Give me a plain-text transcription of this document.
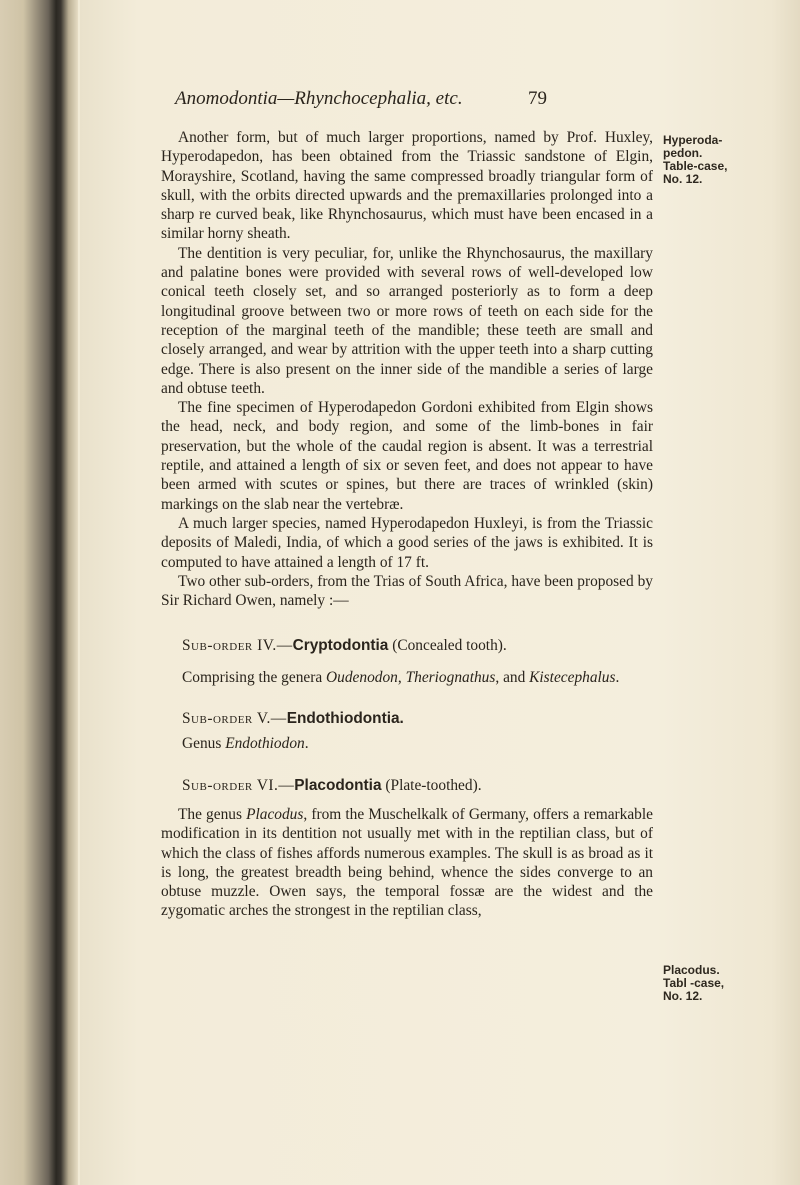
Anomodontia—Rhynchocephalia, etc.	79
Hyperoda-
pedon.
Table-case,
No. 12.
Placodus.
Tabl -case,
No. 12.

Another form, but of much larger proportions, named by Prof. Huxley, Hyperodapedon, has been obtained from the Triassic sandstone of Elgin, Morayshire, Scotland, having the same compressed broadly triangular form of skull, with the orbits directed upwards and the premaxillaries prolonged into a sharp re curved beak, like Rhynchosaurus, which must have been encased in a similar horny sheath.

The dentition is very peculiar, for, unlike the Rhynchosaurus, the maxillary and palatine bones were provided with several rows of well-developed low conical teeth closely set, and so arranged posteriorly as to form a deep longitudinal groove between two or more rows of teeth on each side for the reception of the marginal teeth of the mandible; these teeth are small and closely arranged, and wear by attrition with the upper teeth into a sharp cutting edge. There is also present on the inner side of the mandible a series of large and obtuse teeth.

The fine specimen of Hyperodapedon Gordoni exhibited from Elgin shows the head, neck, and body region, and some of the limb-bones in fair preservation, but the whole of the caudal region is absent. It was a terrestrial reptile, and attained a length of six or seven feet, and does not appear to have been armed with scutes or spines, but there are traces of wrinkled (skin) markings on the slab near the vertebræ.

A much larger species, named Hyperodapedon Huxleyi, is from the Triassic deposits of Maledi, India, of which a good series of the jaws is exhibited. It is computed to have attained a length of 17 ft.

Two other sub-orders, from the Trias of South Africa, have been proposed by Sir Richard Owen, namely :—

Sub-order IV.—Cryptodontia (Concealed tooth).

Comprising the genera Oudenodon, Theriognathus, and Kistecephalus.

Sub-order V.—Endothiodontia.

Genus Endothiodon.

Sub-order VI.—Placodontia (Plate-toothed).

The genus Placodus, from the Muschelkalk of Germany, offers a remarkable modification in its dentition not usually met with in the reptilian class, but of which the class of fishes affords numerous examples. The skull is as broad as it is long, the greatest breadth being behind, whence the sides converge to an obtuse muzzle. Owen says, the temporal fossæ are the widest and the zygomatic arches the strongest in the reptilian class,
